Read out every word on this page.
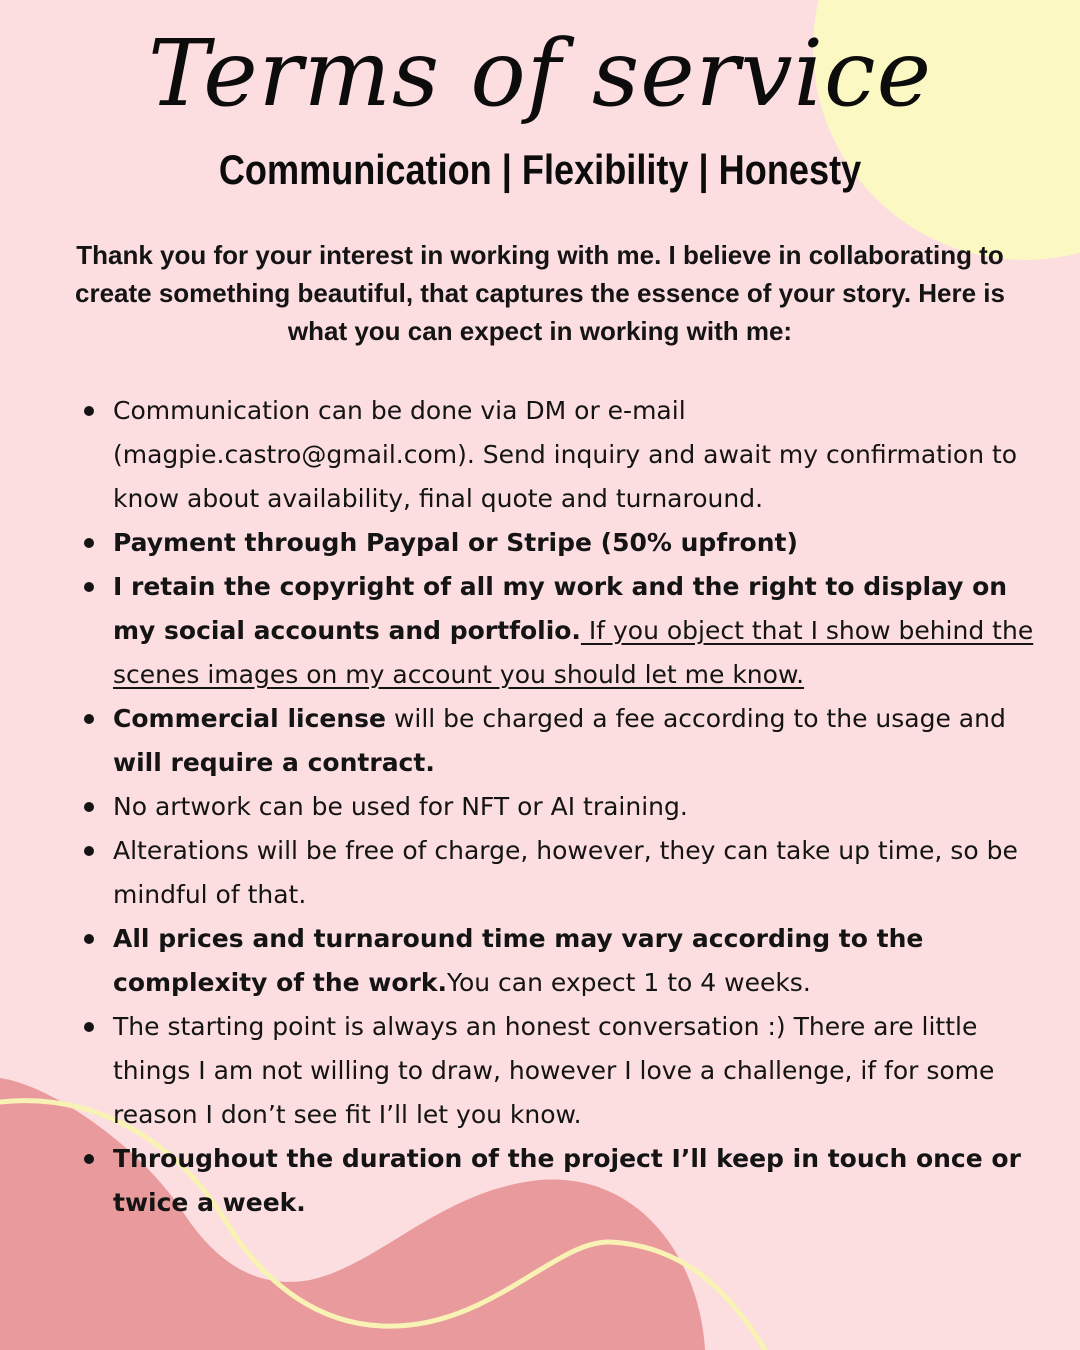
Terms of service

Communication | Flexibility | Honesty

Thank you for your interest in working with me. I believe in collaborating to create something beautiful, that captures the essence of your story. Here is what you can expect in working with me:

Communication can be done via DM or e-mail (magpie.castro@gmail.com). Send inquiry and await my confirmation to know about availability, final quote and turnaround.
Payment through Paypal or Stripe (50% upfront)
I retain the copyright of all my work and the right to display on my social accounts and portfolio. If you object that I show behind the scenes images on my account you should let me know.
Commercial license will be charged a fee according to the usage and will require a contract.
No artwork can be used for NFT or AI training.
Alterations will be free of charge, however, they can take up time, so be mindful of that.
All prices and turnaround time may vary according to the complexity of the work.You can expect 1 to 4 weeks.
The starting point is always an honest conversation :) There are little things I am not willing to draw, however I love a challenge, if for some reason I don’t see fit I’ll let you know.
Throughout the duration of the project I’ll keep in touch once or twice a week.
